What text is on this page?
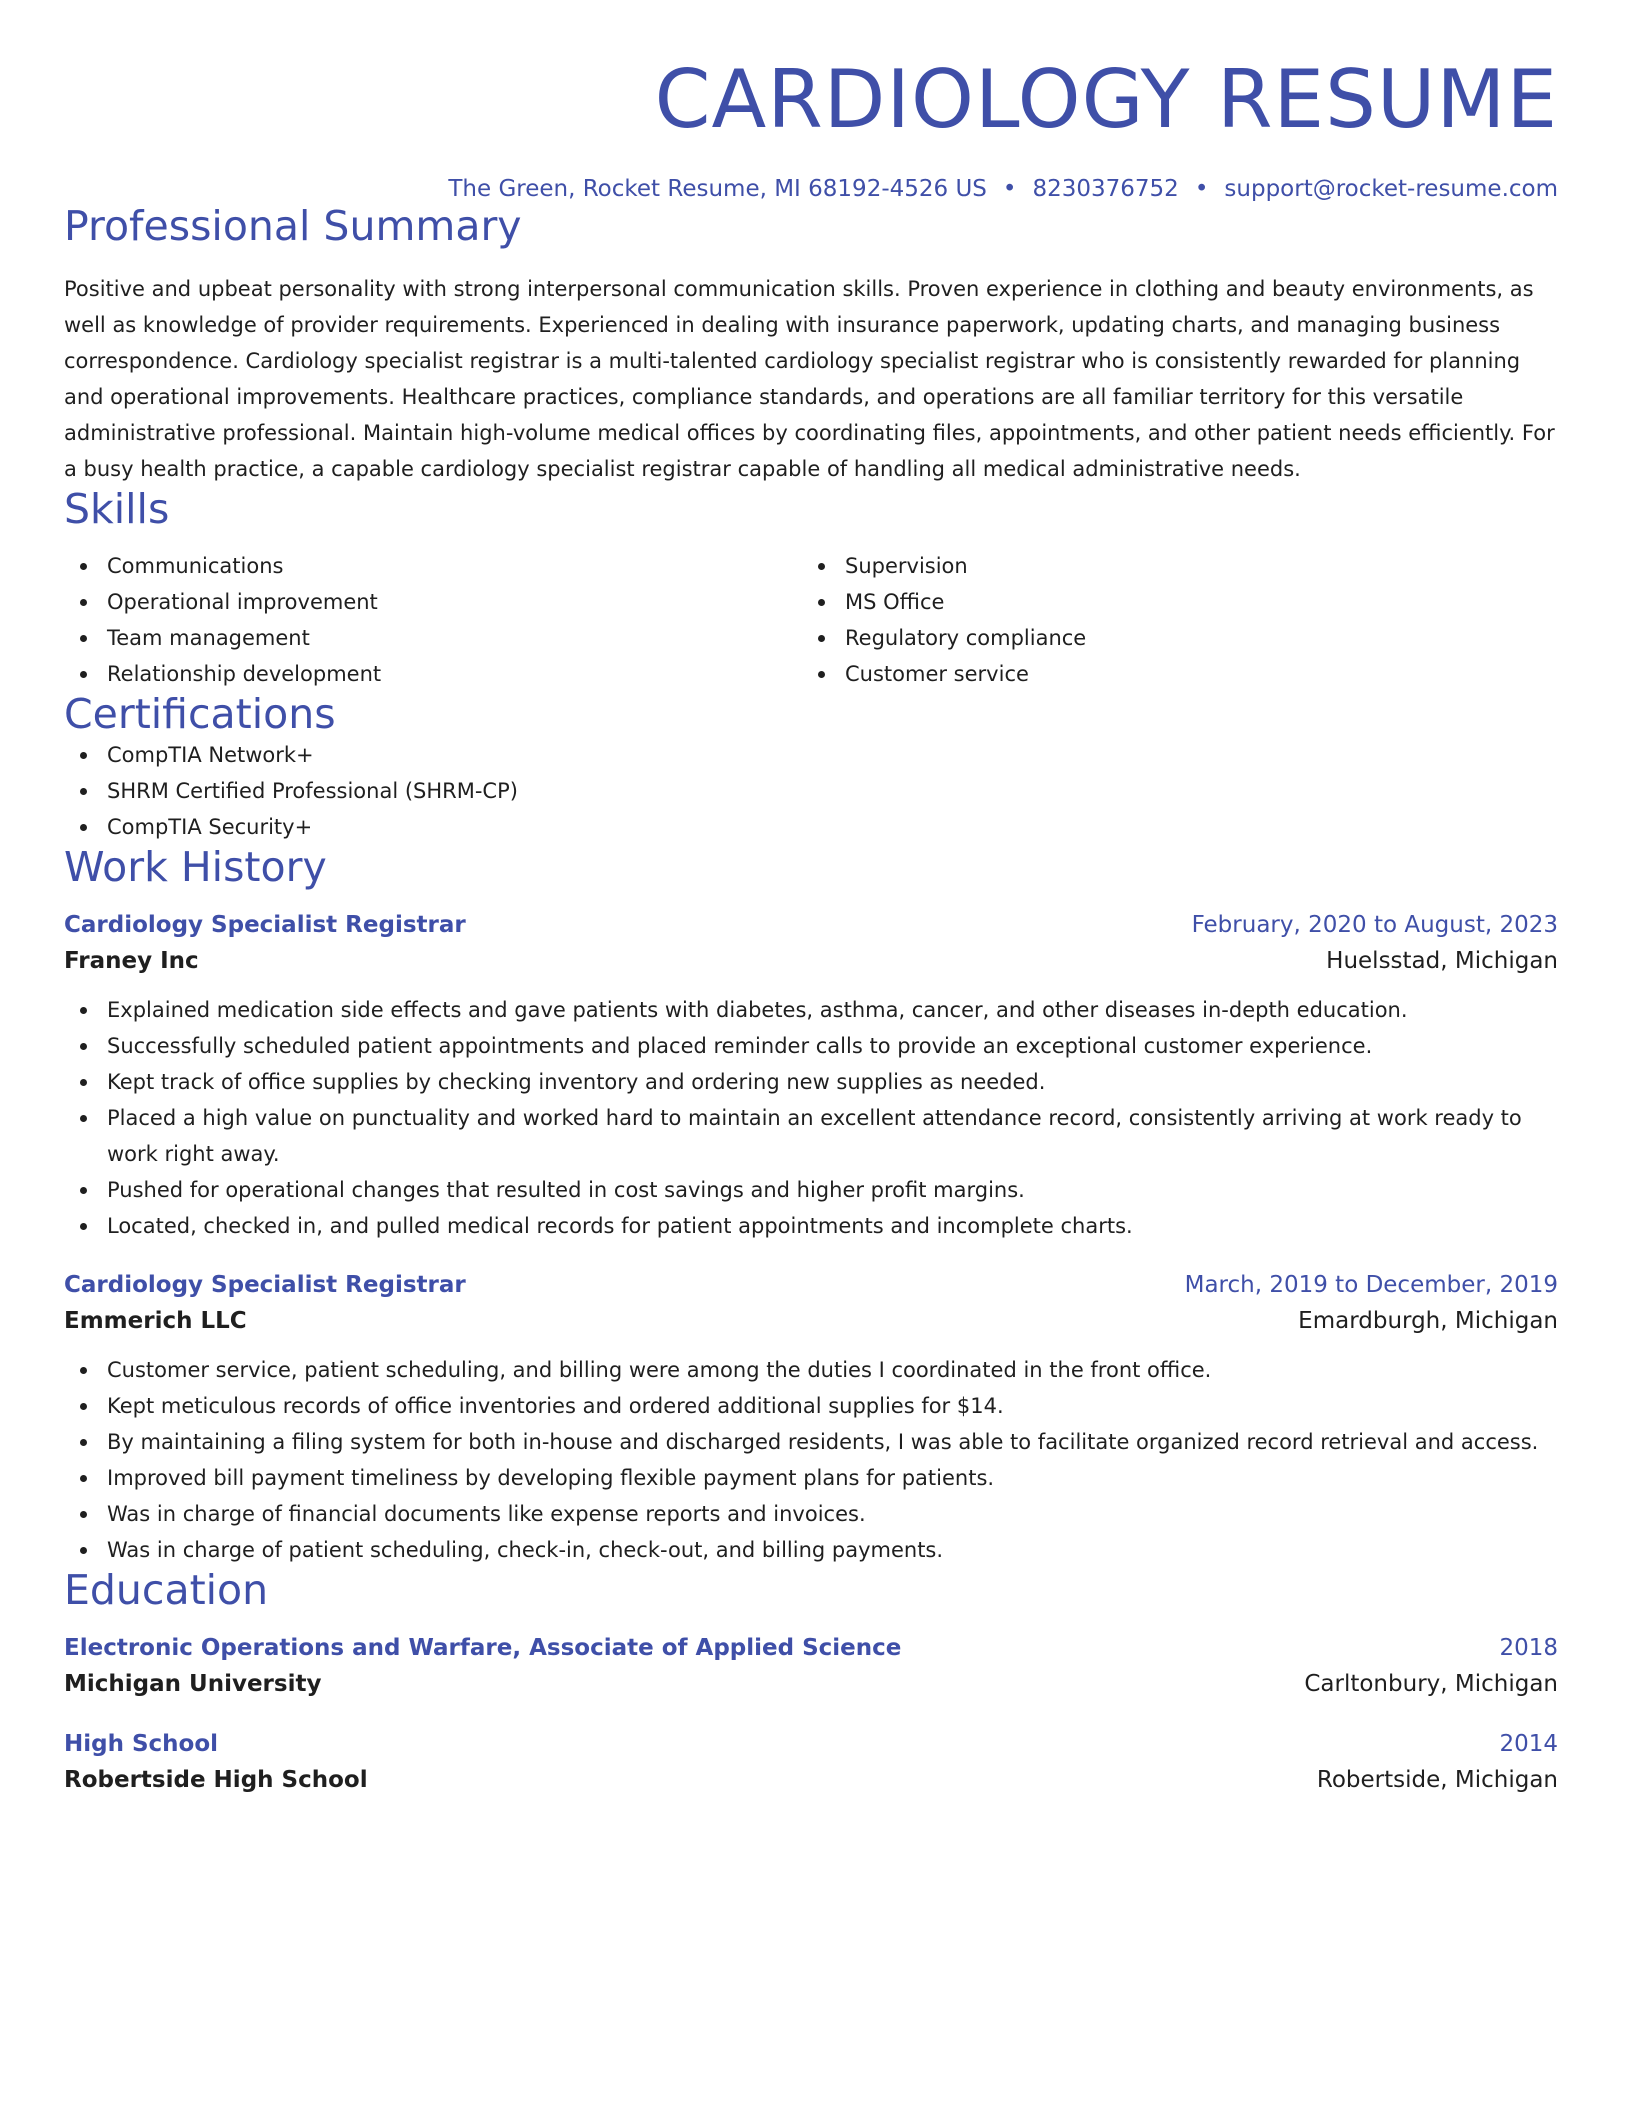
CARDIOLOGY RESUME
The Green, Rocket Resume, MI 68192-4526 US • 8230376752 • support@rocket-resume.com
Professional Summary

Positive and upbeat personality with strong interpersonal communication skills. Proven experience in clothing and beauty environments, as well as knowledge of provider requirements. Experienced in dealing with insurance paperwork, updating charts, and managing business correspondence. Cardiology specialist registrar is a multi-talented cardiology specialist registrar who is consistently rewarded for planning and operational improvements. Healthcare practices, compliance standards, and operations are all familiar territory for this versatile administrative professional. Maintain high-volume medical offices by coordinating files, appointments, and other patient needs efficiently. For a busy health practice, a capable cardiology specialist registrar capable of handling all medical administrative needs.

Skills
Communications
Operational improvement
Team management
Relationship development
Supervision
MS Office
Regulatory compliance
Customer service
Certifications
CompTIA Network+
SHRM Certified Professional (SHRM-CP)
CompTIA Security+
Work History
Cardiology Specialist Registrar	February, 2020 to August, 2023
Franey Inc	Huelsstad, Michigan
Explained medication side effects and gave patients with diabetes, asthma, cancer, and other diseases in-depth education.
Successfully scheduled patient appointments and placed reminder calls to provide an exceptional customer experience.
Kept track of office supplies by checking inventory and ordering new supplies as needed.
Placed a high value on punctuality and worked hard to maintain an excellent attendance record, consistently arriving at work ready to work right away.
Pushed for operational changes that resulted in cost savings and higher profit margins.
Located, checked in, and pulled medical records for patient appointments and incomplete charts.
Cardiology Specialist Registrar	March, 2019 to December, 2019
Emmerich LLC	Emardburgh, Michigan
Customer service, patient scheduling, and billing were among the duties I coordinated in the front office.
Kept meticulous records of office inventories and ordered additional supplies for $14.
By maintaining a filing system for both in-house and discharged residents, I was able to facilitate organized record retrieval and access.
Improved bill payment timeliness by developing flexible payment plans for patients.
Was in charge of financial documents like expense reports and invoices.
Was in charge of patient scheduling, check-in, check-out, and billing payments.
Education
Electronic Operations and Warfare, Associate of Applied Science	2018
Michigan University	Carltonbury, Michigan
High School	2014
Robertside High School	Robertside, Michigan
